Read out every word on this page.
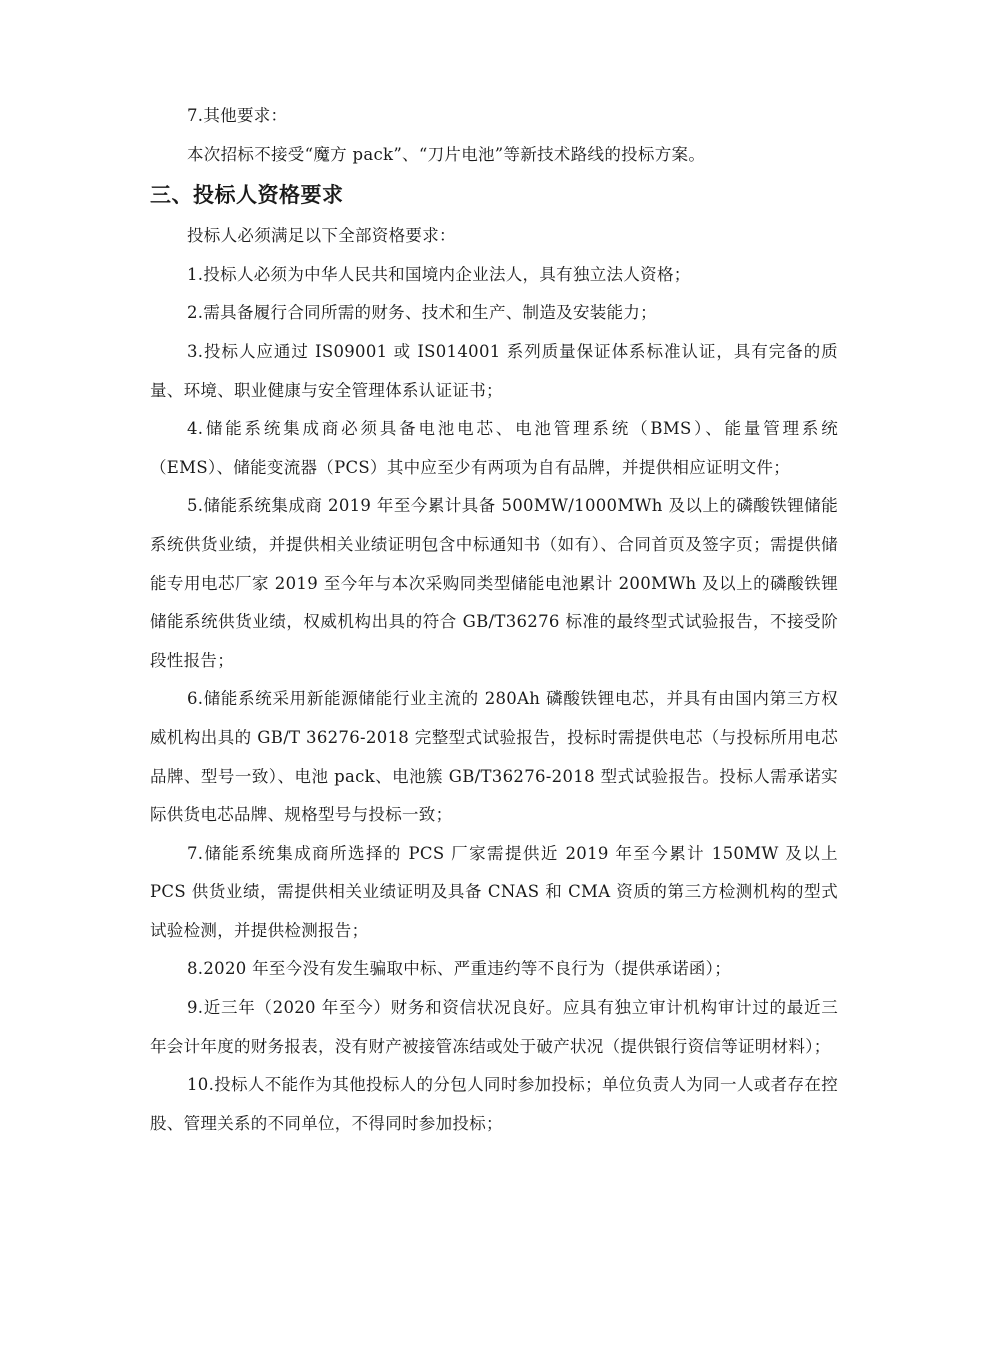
7.其他要求：

本次招标不接受“魔方 pack”、“刀片电池”等新技术路线的投标方案。

三、投标人资格要求

投标人必须满足以下全部资格要求：

1.投标人必须为中华人民共和国境内企业法人，具有独立法人资格；

2.需具备履行合同所需的财务、技术和生产、制造及安装能力；

3.投标人应通过 IS09001 或 IS014001 系列质量保证体系标准认证，具有完备的质量、环境、职业健康与安全管理体系认证证书；

4.储能系统集成商必须具备电池电芯、电池管理系统（BMS）、能量管理系统（EMS）、储能变流器（PCS）其中应至少有两项为自有品牌，并提供相应证明文件；

5.储能系统集成商 2019 年至今累计具备 500MW/1000MWh 及以上的磷酸铁锂储能系统供货业绩，并提供相关业绩证明包含中标通知书（如有）、合同首页及签字页；需提供储能专用电芯厂家 2019 至今年与本次采购同类型储能电池累计 200MWh 及以上的磷酸铁锂储能系统供货业绩，权威机构出具的符合 GB/T36276 标准的最终型式试验报告，不接受阶段性报告；

6.储能系统采用新能源储能行业主流的 280Ah 磷酸铁锂电芯，并具有由国内第三方权威机构出具的 GB/T 36276-2018 完整型式试验报告，投标时需提供电芯（与投标所用电芯品牌、型号一致）、电池 pack、电池簇 GB/T36276-2018 型式试验报告。投标人需承诺实际供货电芯品牌、规格型号与投标一致；

7.储能系统集成商所选择的 PCS 厂家需提供近 2019 年至今累计 150MW 及以上 PCS 供货业绩，需提供相关业绩证明及具备 CNAS 和 CMA 资质的第三方检测机构的型式试验检测，并提供检测报告；

8.2020 年至今没有发生骗取中标、严重违约等不良行为（提供承诺函）；

9.近三年（2020 年至今）财务和资信状况良好。应具有独立审计机构审计过的最近三年会计年度的财务报表，没有财产被接管冻结或处于破产状况（提供银行资信等证明材料）；

10.投标人不能作为其他投标人的分包人同时参加投标；单位负责人为同一人或者存在控股、管理关系的不同单位，不得同时参加投标；
